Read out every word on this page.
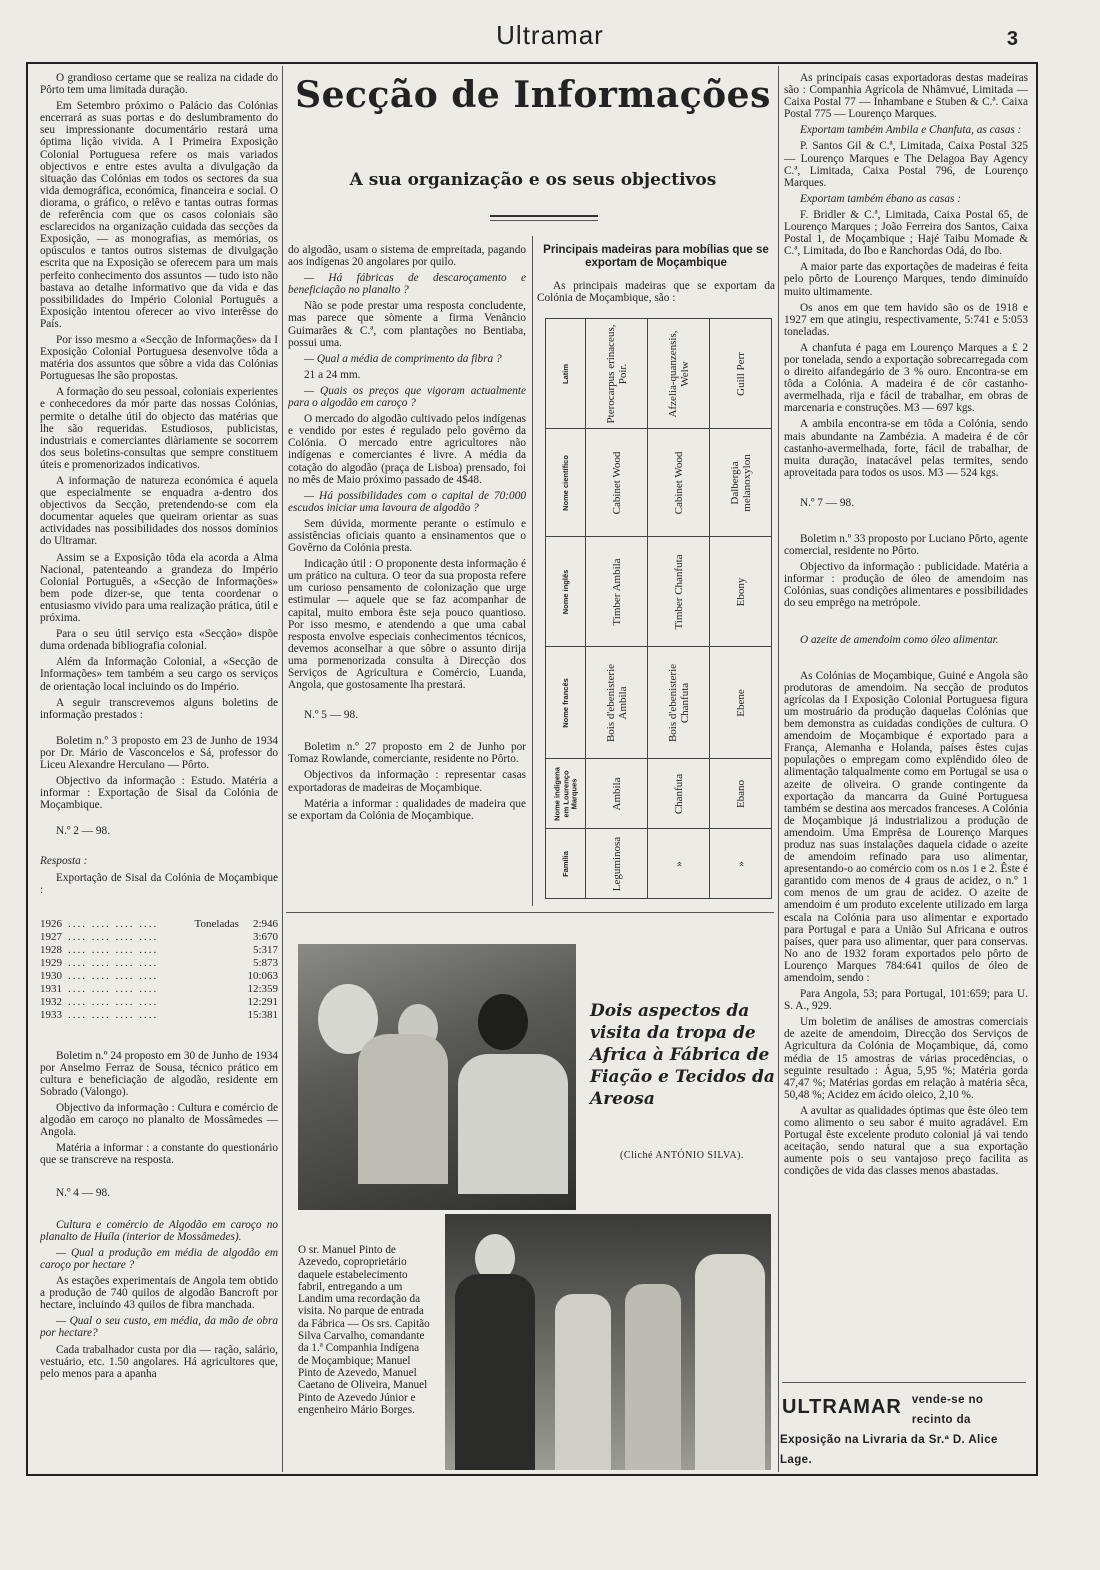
Ultramar	3

O grandioso certame que se realiza na cidade do Pôrto tem uma limitada duração.

Em Setembro próximo o Palácio das Colónias encerrará as suas portas e do deslumbramento do seu impressionante documentário restará uma óptima lição vivida. A I Primeira Exposição Colonial Portuguesa refere os mais variados objectivos e entre estes avulta a divulgação da situação das Colónias em todos os sectores da sua vida demográfica, económica, financeira e social. O diorama, o gráfico, o relêvo e tantas outras formas de referência com que os casos coloniais são esclarecidos na organização cuidada das secções da Exposição, — as monografias, as memórias, os opúsculos e tantos outros sistemas de divulgação escrita que na Exposição se oferecem para um mais perfeito conhecimento dos assuntos — tudo isto não bastava ao detalhe informativo que da vida e das possibilidades do Império Colonial Português a Exposição intentou oferecer ao vivo interêsse do País.

Por isso mesmo a «Secção de Informações» da I Exposição Colonial Portuguesa desenvolve tôda a matéria dos assuntos que sôbre a vida das Colónias Portuguesas lhe são propostas.

A formação do seu pessoal, coloniais experientes e conhecedores da mór parte das nossas Colónias, permite o detalhe útil do objecto das matérias que lhe são requeridas. Estudiosos, publicistas, industriais e comerciantes diàriamente se socorrem dos seus boletins-consultas que sempre constituem úteis e promenorizados indicativos.

A informação de natureza económica é aquela que especialmente se enquadra a-dentro dos objectivos da Secção, pretendendo-se com ela documentar aqueles que queiram orientar as suas actividades nas possibilidades dos nossos domínios do Ultramar.

Assim se a Exposição tôda ela acorda a Alma Nacional, patenteando a grandeza do Império Colonial Português, a «Secção de Informações» bem pode dizer-se, que tenta coordenar o entusiasmo vivido para uma realização prática, útil e próxima.

Para o seu útil serviço esta «Secção» dispõe duma ordenada bibliografia colonial.

Além da Informação Colonial, a «Secção de Informações» tem também a seu cargo os serviços de orientação local incluindo os do Império.

A seguir transcrevemos alguns boletins de informação prestados :

Boletim n.º 3 proposto em 23 de Junho de 1934 por Dr. Mário de Vasconcelos e Sá, professor do Liceu Alexandre Herculano — Pôrto.

Objectivo da informação : Estudo. Matéria a informar : Exportação de Sisal da Colónia de Moçambique.

N.º 2 — 98.

Resposta :

Exportação de Sisal da Colónia de Moçambique :

1926 .... .... .... ....	Toneladas 2:946
1927 .... .... .... ....	3:670
1928 .... .... .... ....	5:317
1929 .... .... .... ....	5:873
1930 .... .... .... ....	10:063
1931 .... .... .... ....	12:359
1932 .... .... .... ....	12:291
1933 .... .... .... ....	15:381

Boletim n.º 24 proposto em 30 de Junho de 1934 por Anselmo Ferraz de Sousa, técnico prático em cultura e beneficiação de algodão, residente em Sobrado (Valongo).

Objectivo da informação : Cultura e comércio de algodão em caroço no planalto de Mossâmedes — Angola.

Matéria a informar : a constante do questionário que se transcreve na resposta.

N.º 4 — 98.

Cultura e comércio de Algodão em caroço no planalto de Huíla (interior de Mossâmedes).

— Qual a produção em média de algodão em caroço por hectare ?

As estações experimentais de Angola tem obtido a produção de 740 quilos de algodão Bancroft por hectare, incluindo 43 quilos de fibra manchada.

— Qual o seu custo, em média, da mão de obra por hectare?

Cada trabalhador custa por dia — ração, salário, vestuário, etc. 1.50 angolares. Há agricultores que, pelo menos para a apanha

Secção de Informações
A sua organização e os seus objectivos

do algodão, usam o sistema de empreitada, pagando aos indígenas 20 angolares por quilo.

— Há fábricas de descaroçamento e beneficiação no planalto ?

Não se pode prestar uma resposta concludente, mas parece que sòmente a firma Venâncio Guimarães & C.ª, com plantações no Bentiaba, possui uma.

— Qual a média de comprimento da fibra ?

21 a 24 mm.

— Quais os preços que vigoram actualmente para o algodão em caroço ?

O mercado do algodão cultivado pelos indígenas e vendido por estes é regulado pelo govêrno da Colónia. O mercado entre agricultores não indígenas e comerciantes é livre. A média da cotação do algodão (praça de Lisboa) prensado, foi no mês de Maio próximo passado de 4$48.

— Há possibilidades com o capital de 70:000 escudos iniciar uma lavoura de algodão ?

Sem dúvida, mormente perante o estímulo e assistências oficiais quanto a ensinamentos que o Govêrno da Colónia presta.

Indicação útil : O proponente desta informação é um prático na cultura. O teor da sua proposta refere um curioso pensamento de colonização que urge estimular — aquele que se faz acompanhar de capital, muito embora êste seja pouco quantioso. Por isso mesmo, e atendendo a que uma cabal resposta envolve especiais conhecimentos técnicos, devemos aconselhar a que sôbre o assunto dirija uma pormenorizada consulta à Direcção dos Serviços de Agricultura e Comércio, Luanda, Angola, que gostosamente lha prestará.

N.º 5 — 98.

Boletim n.º 27 proposto em 2 de Junho por Tomaz Rowlande, comerciante, residente no Pôrto.

Objectivos da informação : representar casas exportadoras de madeiras de Moçambique.

Matéria a informar : qualidades de madeira que se exportam da Colónia de Moçambique.

Principais madeiras para mobílias que se exportam de Moçambique

As principais madeiras que se exportam da Colónia de Moçambique, são :

Latim	Pterocarpus erinaceus, Poir.	Afzelia-quanzensis, Welw	Guill Perr

Nome científico	Cabinet Wood	Cabinet Wood	Dalbergia melanoxylon

Nome inglês	Timber Ambila	Timber Chanfuta	Ebony

Nome francês	Bois d'ebenisterie Ambila	Bois d'ebenisterie Chanfuta	Ebene

Nome indígena em Lourenço Marques	Ambila	Chanfuta	Ebano

Família	Leguminosa	»	»
Dois aspectos da visita da tropa de Africa à Fábrica de Fiação e Tecidos da Areosa
(Cliché ANTÓNIO SILVA).

O sr. Manuel Pinto de Azevedo, coproprietário daquele estabelecimento fabril, entregando a um Landim uma recordação da visita. No parque de entrada da Fábrica — Os srs. Capitão Silva Carvalho, comandante da 1.ª Companhia Indígena de Moçambique; Manuel Pinto de Azevedo, Manuel Caetano de Oliveira, Manuel Pinto de Azevedo Júnior e engenheiro Mário Borges.

As principais casas exportadoras destas madeiras são : Companhia Agrícola de Nhâmvué, Limitada — Caixa Postal 77 — Inhambane e Stuben & C.ª. Caixa Postal 775 — Lourenço Marques.

Exportam também Ambila e Chanfuta, as casas :

P. Santos Gil & C.ª, Limitada, Caixa Postal 325 — Lourenço Marques e The Delagoa Bay Agency C.ª, Limitada, Caixa Postal 796, de Lourenço Marques.

Exportam também ébano as casas :

F. Bridler & C.ª, Limitada, Caixa Postal 65, de Lourenço Marques ; João Ferreira dos Santos, Caixa Postal 1, de Moçambique ; Hajé Taibu Momade & C.ª, Limitada, do Ibo e Ranchordas Odá, do Ibo.

A maior parte das exportações de madeiras é feita pelo pôrto de Lourenço Marques, tendo diminuído muito ultimamente.

Os anos em que tem havido são os de 1918 e 1927 em que atingiu, respectivamente, 5:741 e 5:053 toneladas.

A chanfuta é paga em Lourenço Marques a £ 2 por tonelada, sendo a exportação sobrecarregada com o direito aifandegário de 3 % ouro. Encontra-se em tôda a Colónia. A madeira é de côr castanho-avermelhada, rija e fácil de trabalhar, em obras de marcenaria e construções. M3 — 697 kgs.

A ambila encontra-se em tôda a Colónia, sendo mais abundante na Zambézia. A madeira é de côr castanho-avermelhada, forte, fácil de trabalhar, de muita duração, inatacável pelas termites, sendo aproveitada para todos os usos. M3 — 524 kgs.

N.º 7 — 98.

Boletim n.º 33 proposto por Luciano Pôrto, agente comercial, residente no Pôrto.

Objectivo da informação : publicidade. Matéria a informar : produção de óleo de amendoim nas Colónias, suas condições alimentares e possibilidades do seu emprêgo na metrópole.

O azeite de amendoim como óleo alimentar.

As Colónias de Moçambique, Guiné e Angola são produtoras de amendoim. Na secção de produtos agrícolas da I Exposição Colonial Portuguesa figura um mostruário da produção daquelas Colónias que bem demonstra as cuidadas condições de cultura. O amendoim de Moçambique é exportado para a França, Alemanha e Holanda, países êstes cujas populações o empregam como explêndido óleo de alimentação talqualmente como em Portugal se usa o azeite de oliveira. O grande contingente da exportação da mancarra da Guiné Portuguesa também se destina aos mercados franceses. A Colónia de Moçambique já industrializou a produção de amendoim. Uma Emprêsa de Lourenço Marques produz nas suas instalações daquela cidade o azeite de amendoim refinado para uso alimentar, apresentando-o ao comércio com os n.os 1 e 2. Êste é garantido com menos de 4 graus de acidez, o n.º 1 com menos de um grau de acidez. O azeite de amendoim é um produto excelente utilizado em larga escala na Colónia para uso alimentar e exportado para Portugal e para a União Sul Africana e outros países, quer para uso alimentar, quer para conservas. No ano de 1932 foram exportados pelo pôrto de Lourenço Marques 784:641 quilos de óleo de amendoim, sendo :

Para Angola, 53; para Portugal, 101:659; para U. S. A., 929.

Um boletim de análises de amostras comerciais de azeite de amendoim, Direcção dos Serviços de Agricultura da Colónia de Moçambique, dá, como média de 15 amostras de várias procedências, o seguinte resultado : Água, 5,95 %; Matéria gorda 47,47 %; Matérias gordas em relação à matéria sêca, 50,48 %; Acidez em ácido oleico, 2,10 %.

A avultar as qualidades óptimas que êste óleo tem como alimento o seu sabor é muito agradável. Em Portugal êste excelente produto colonial já vai tendo aceitação, sendo natural que a sua exportação aumente pois o seu vantajoso preço facilita as condições de vida das classes menos abastadas.

ULTRAMAR vende-se no recinto da Exposição na Livraria da Sr.ª D. Alice Lage.
